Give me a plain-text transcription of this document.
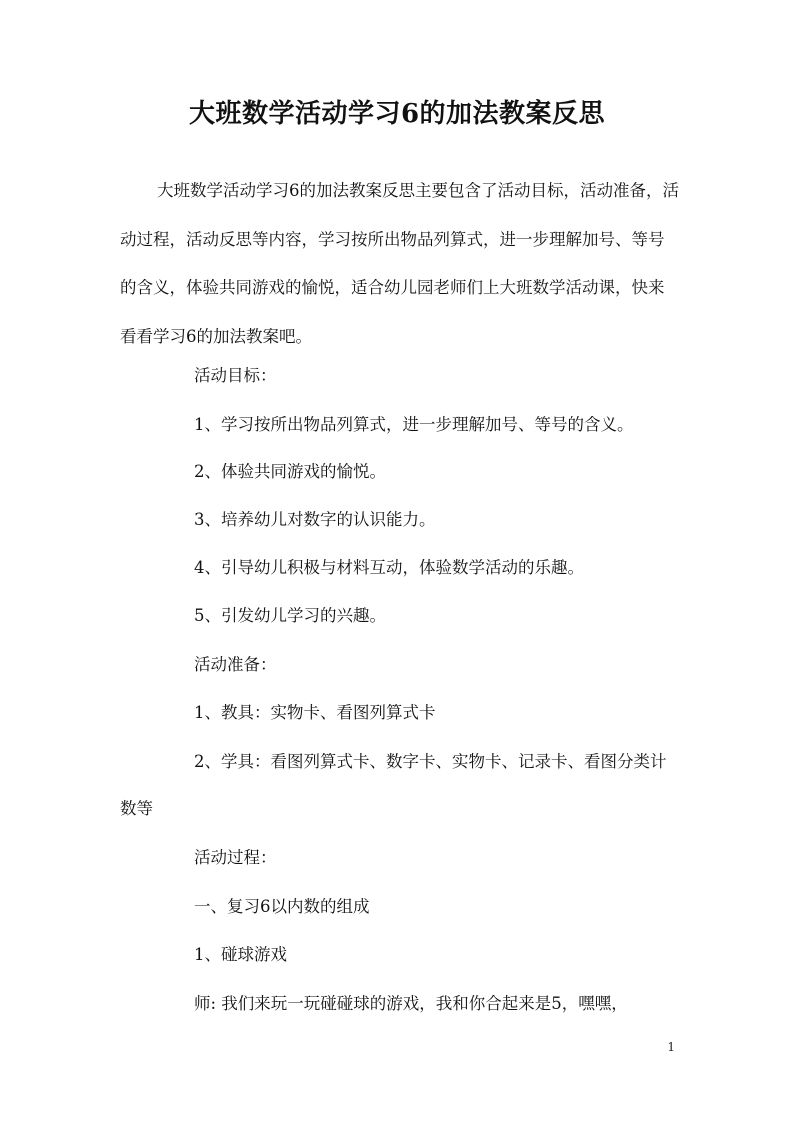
大班数学活动学习6的加法教案反思

大班数学活动学习6的加法教案反思主要包含了活动目标，活动准备，活动过程，活动反思等内容，学习按所出物品列算式，进一步理解加号、等号的含义，体验共同游戏的愉悦，适合幼儿园老师们上大班数学活动课，快来看看学习6的加法教案吧。

活动目标：

1、学习按所出物品列算式，进一步理解加号、等号的含义。

2、体验共同游戏的愉悦。

3、培养幼儿对数字的认识能力。

4、引导幼儿积极与材料互动，体验数学活动的乐趣。

5、引发幼儿学习的兴趣。

活动准备：

1、教具：实物卡、看图列算式卡

2、学具：看图列算式卡、数字卡、实物卡、记录卡、看图分类计数等

活动过程：

一、复习6以内数的组成

1、碰球游戏

师: 我们来玩一玩碰碰球的游戏，我和你合起来是5，嘿嘿，

1
